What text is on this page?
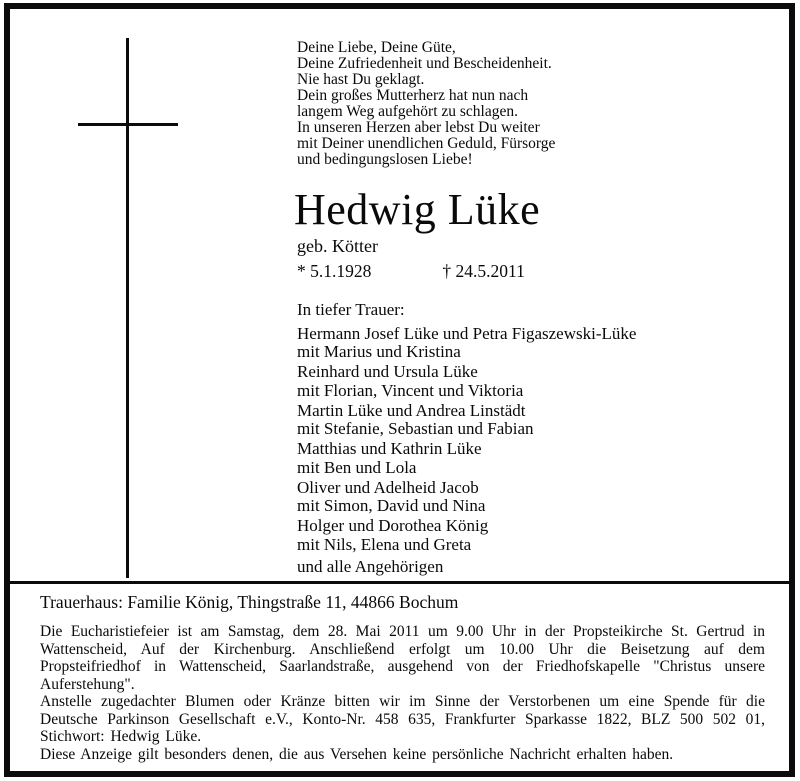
Deine Liebe, Deine Güte,
Deine Zufriedenheit und Bescheidenheit.
Nie hast Du geklagt.
Dein großes Mutterherz hat nun nach
langem Weg aufgehört zu schlagen.
In unseren Herzen aber lebst Du weiter
mit Deiner unendlichen Geduld, Fürsorge
und bedingungslosen Liebe!
Hedwig Lüke
geb. Kötter
* 5.1.1928	† 24.5.2011
In tiefer Trauer:
Hermann Josef Lüke und Petra Figaszewski-Lüke
mit Marius und Kristina
Reinhard und Ursula Lüke
mit Florian, Vincent und Viktoria
Martin Lüke und Andrea Linstädt
mit Stefanie, Sebastian und Fabian
Matthias und Kathrin Lüke
mit Ben und Lola
Oliver und Adelheid Jacob
mit Simon, David und Nina
Holger und Dorothea König
mit Nils, Elena und Greta
und alle Angehörigen
Trauerhaus: Familie König, Thingstraße 11, 44866 Bochum

Die Eucharistiefeier ist am Samstag, dem 28. Mai 2011 um 9.00 Uhr in der Propsteikirche St. Gertrud in Wattenscheid, Auf der Kirchenburg. Anschließend erfolgt um 10.00 Uhr die Beisetzung auf dem Propsteifriedhof in Wattenscheid, Saarlandstraße, ausgehend von der Friedhofskapelle "Christus unsere Auferstehung".

Anstelle zugedachter Blumen oder Kränze bitten wir im Sinne der Verstorbenen um eine Spende für die Deutsche Parkinson Gesellschaft e.V., Konto-Nr. 458 635, Frankfurter Sparkasse 1822, BLZ 500 502 01, Stichwort: Hedwig Lüke.

Diese Anzeige gilt besonders denen, die aus Versehen keine persönliche Nachricht erhalten haben.
